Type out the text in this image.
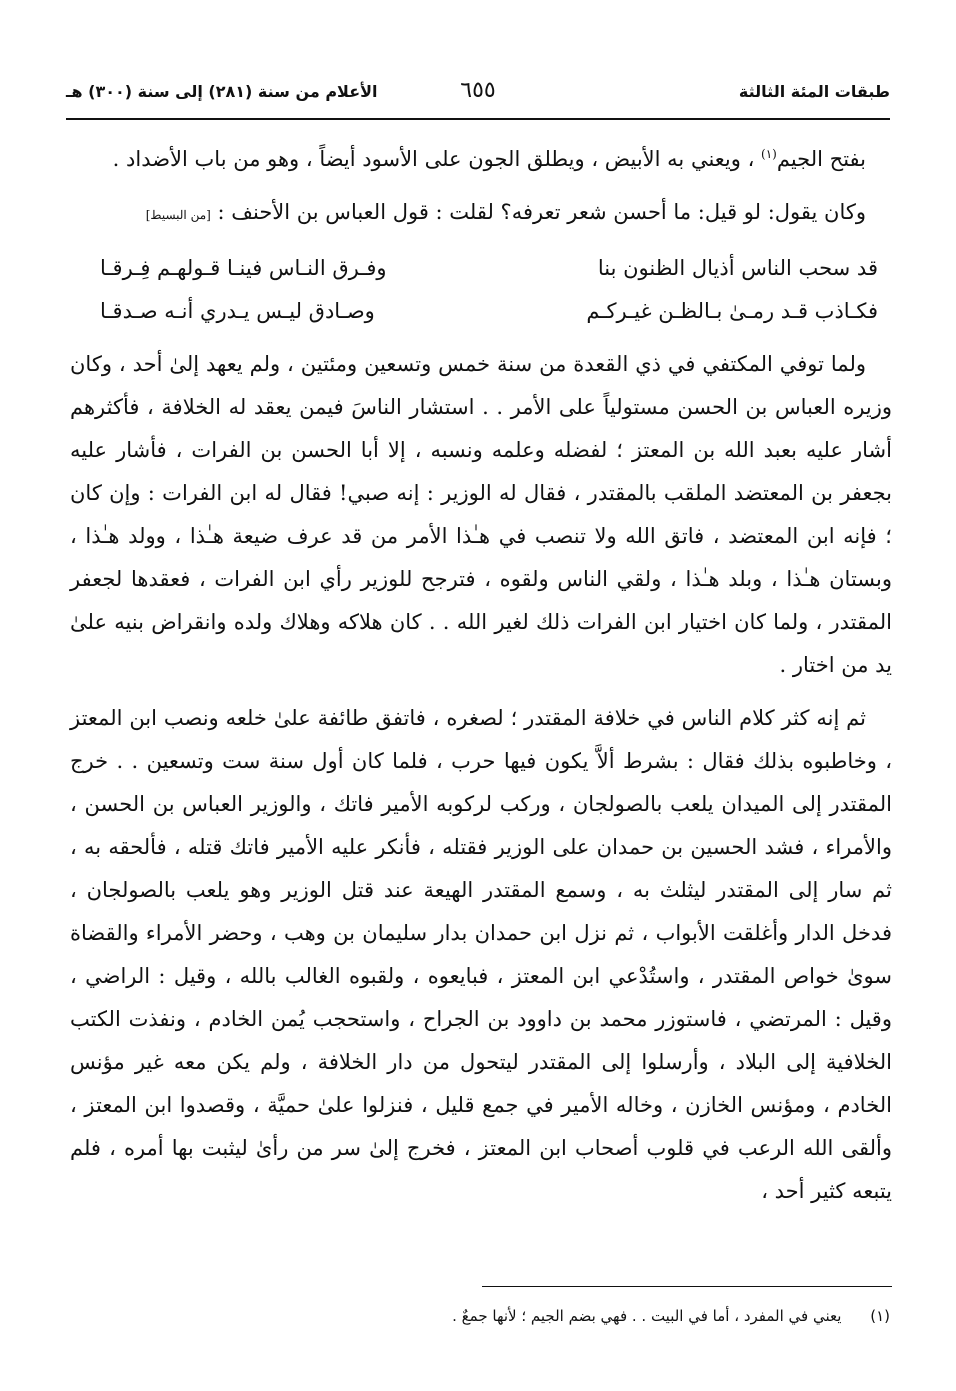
طبقات المئة الثالثة
٦٥٥
الأعلام من سنة (٢٨١) إلى سنة (٣٠٠) هـ

بفتح الجيم$^{(١)}$ ، ويعني به الأبيض ، ويطلق الجون على الأسود أيضاً ، وهو من باب الأضداد .

وكان يقول: لو قيل: ما أحسن شعر تعرفه؟ لقلت : قول العباس بن الأحنف : [من البسيط]

قد سحب الناس أذيال الظنون بنا
وفـرق النـاس فينـا قـولهـم فِـرقـا
فكـاذب قـد رمـىٰ بـالظـن غيـركـم
وصـادق ليـس يـدري أنـه صـدقـا

ولما توفي المكتفي في ذي القعدة من سنة خمس وتسعين ومئتين ، ولم يعهد إلىٰ أحد ، وكان وزيره العباس بن الحسن مستولياً على الأمر . . استشار الناسَ فيمن يعقد له الخلافة ، فأكثرهم أشار عليه بعبد الله بن المعتز ؛ لفضله وعلمه ونسبه ، إلا أبا الحسن بن الفرات ، فأشار عليه بجعفر بن المعتضد الملقب بالمقتدر ، فقال له الوزير : إنه صبي! فقال له ابن الفرات : وإن كان ؛ فإنه ابن المعتضد ، فاتق الله ولا تنصب في هـٰذا الأمر من قد عرف ضيعة هـٰذا ، وولد هـٰذا ، وبستان هـٰذا ، وبلد هـٰذا ، ولقي الناس ولقوه ، فترجح للوزير رأي ابن الفرات ، فعقدها لجعفر المقتدر ، ولما كان اختيار ابن الفرات ذلك لغير الله . . كان هلاكه وهلاك ولده وانقراض بنيه علىٰ يد من اختار .

ثم إنه كثر كلام الناس في خلافة المقتدر ؛ لصغره ، فاتفق طائفة علىٰ خلعه ونصب ابن المعتز ، وخاطبوه بذلك فقال : بشرط ألاَّ يكون فيها حرب ، فلما كان أول سنة ست وتسعين . . خرج المقتدر إلى الميدان يلعب بالصولجان ، وركب لركوبه الأمير فاتك ، والوزير العباس بن الحسن ، والأمراء ، فشد الحسين بن حمدان على الوزير فقتله ، فأنكر عليه الأمير فاتك قتله ، فألحقه به ، ثم سار إلى المقتدر ليثلث به ، وسمع المقتدر الهيعة عند قتل الوزير وهو يلعب بالصولجان ، فدخل الدار وأغلقت الأبواب ، ثم نزل ابن حمدان بدار سليمان بن وهب ، وحضر الأمراء والقضاة سوىٰ خواص المقتدر ، واستُدْعي ابن المعتز ، فبايعوه ، ولقبوه الغالب بالله ، وقيل : الراضي ، وقيل : المرتضي ، فاستوزر محمد بن داوود بن الجراح ، واستحجب يُمن الخادم ، ونفذت الكتب الخلافية إلى البلاد ، وأرسلوا إلى المقتدر ليتحول من دار الخلافة ، ولم يكن معه غير مؤنس الخادم ، ومؤنس الخازن ، وخاله الأمير في جمع قليل ، فنزلوا علىٰ حميَّة ، وقصدوا ابن المعتز ، وألقى الله الرعب في قلوب أصحاب ابن المعتز ، فخرج إلىٰ سر من رأىٰ ليثبت بها أمره ، فلم يتبعه كثير أحد ،

(١) يعني في المفرد ، أما في البيت . . فهي بضم الجيم ؛ لأنها جمعٌ .
